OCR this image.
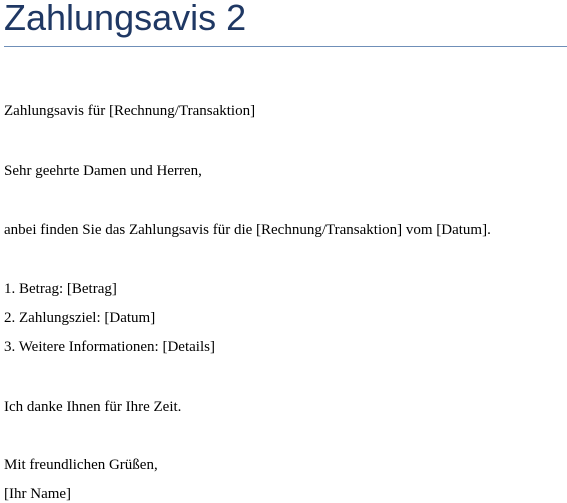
Zahlungsavis 2

Zahlungsavis für [Rechnung/Transaktion]

Sehr geehrte Damen und Herren,

anbei finden Sie das Zahlungsavis für die [Rechnung/Transaktion] vom [Datum].

1. Betrag: [Betrag]

2. Zahlungsziel: [Datum]

3. Weitere Informationen: [Details]

Ich danke Ihnen für Ihre Zeit.

Mit freundlichen Grüßen,

[Ihr Name]
